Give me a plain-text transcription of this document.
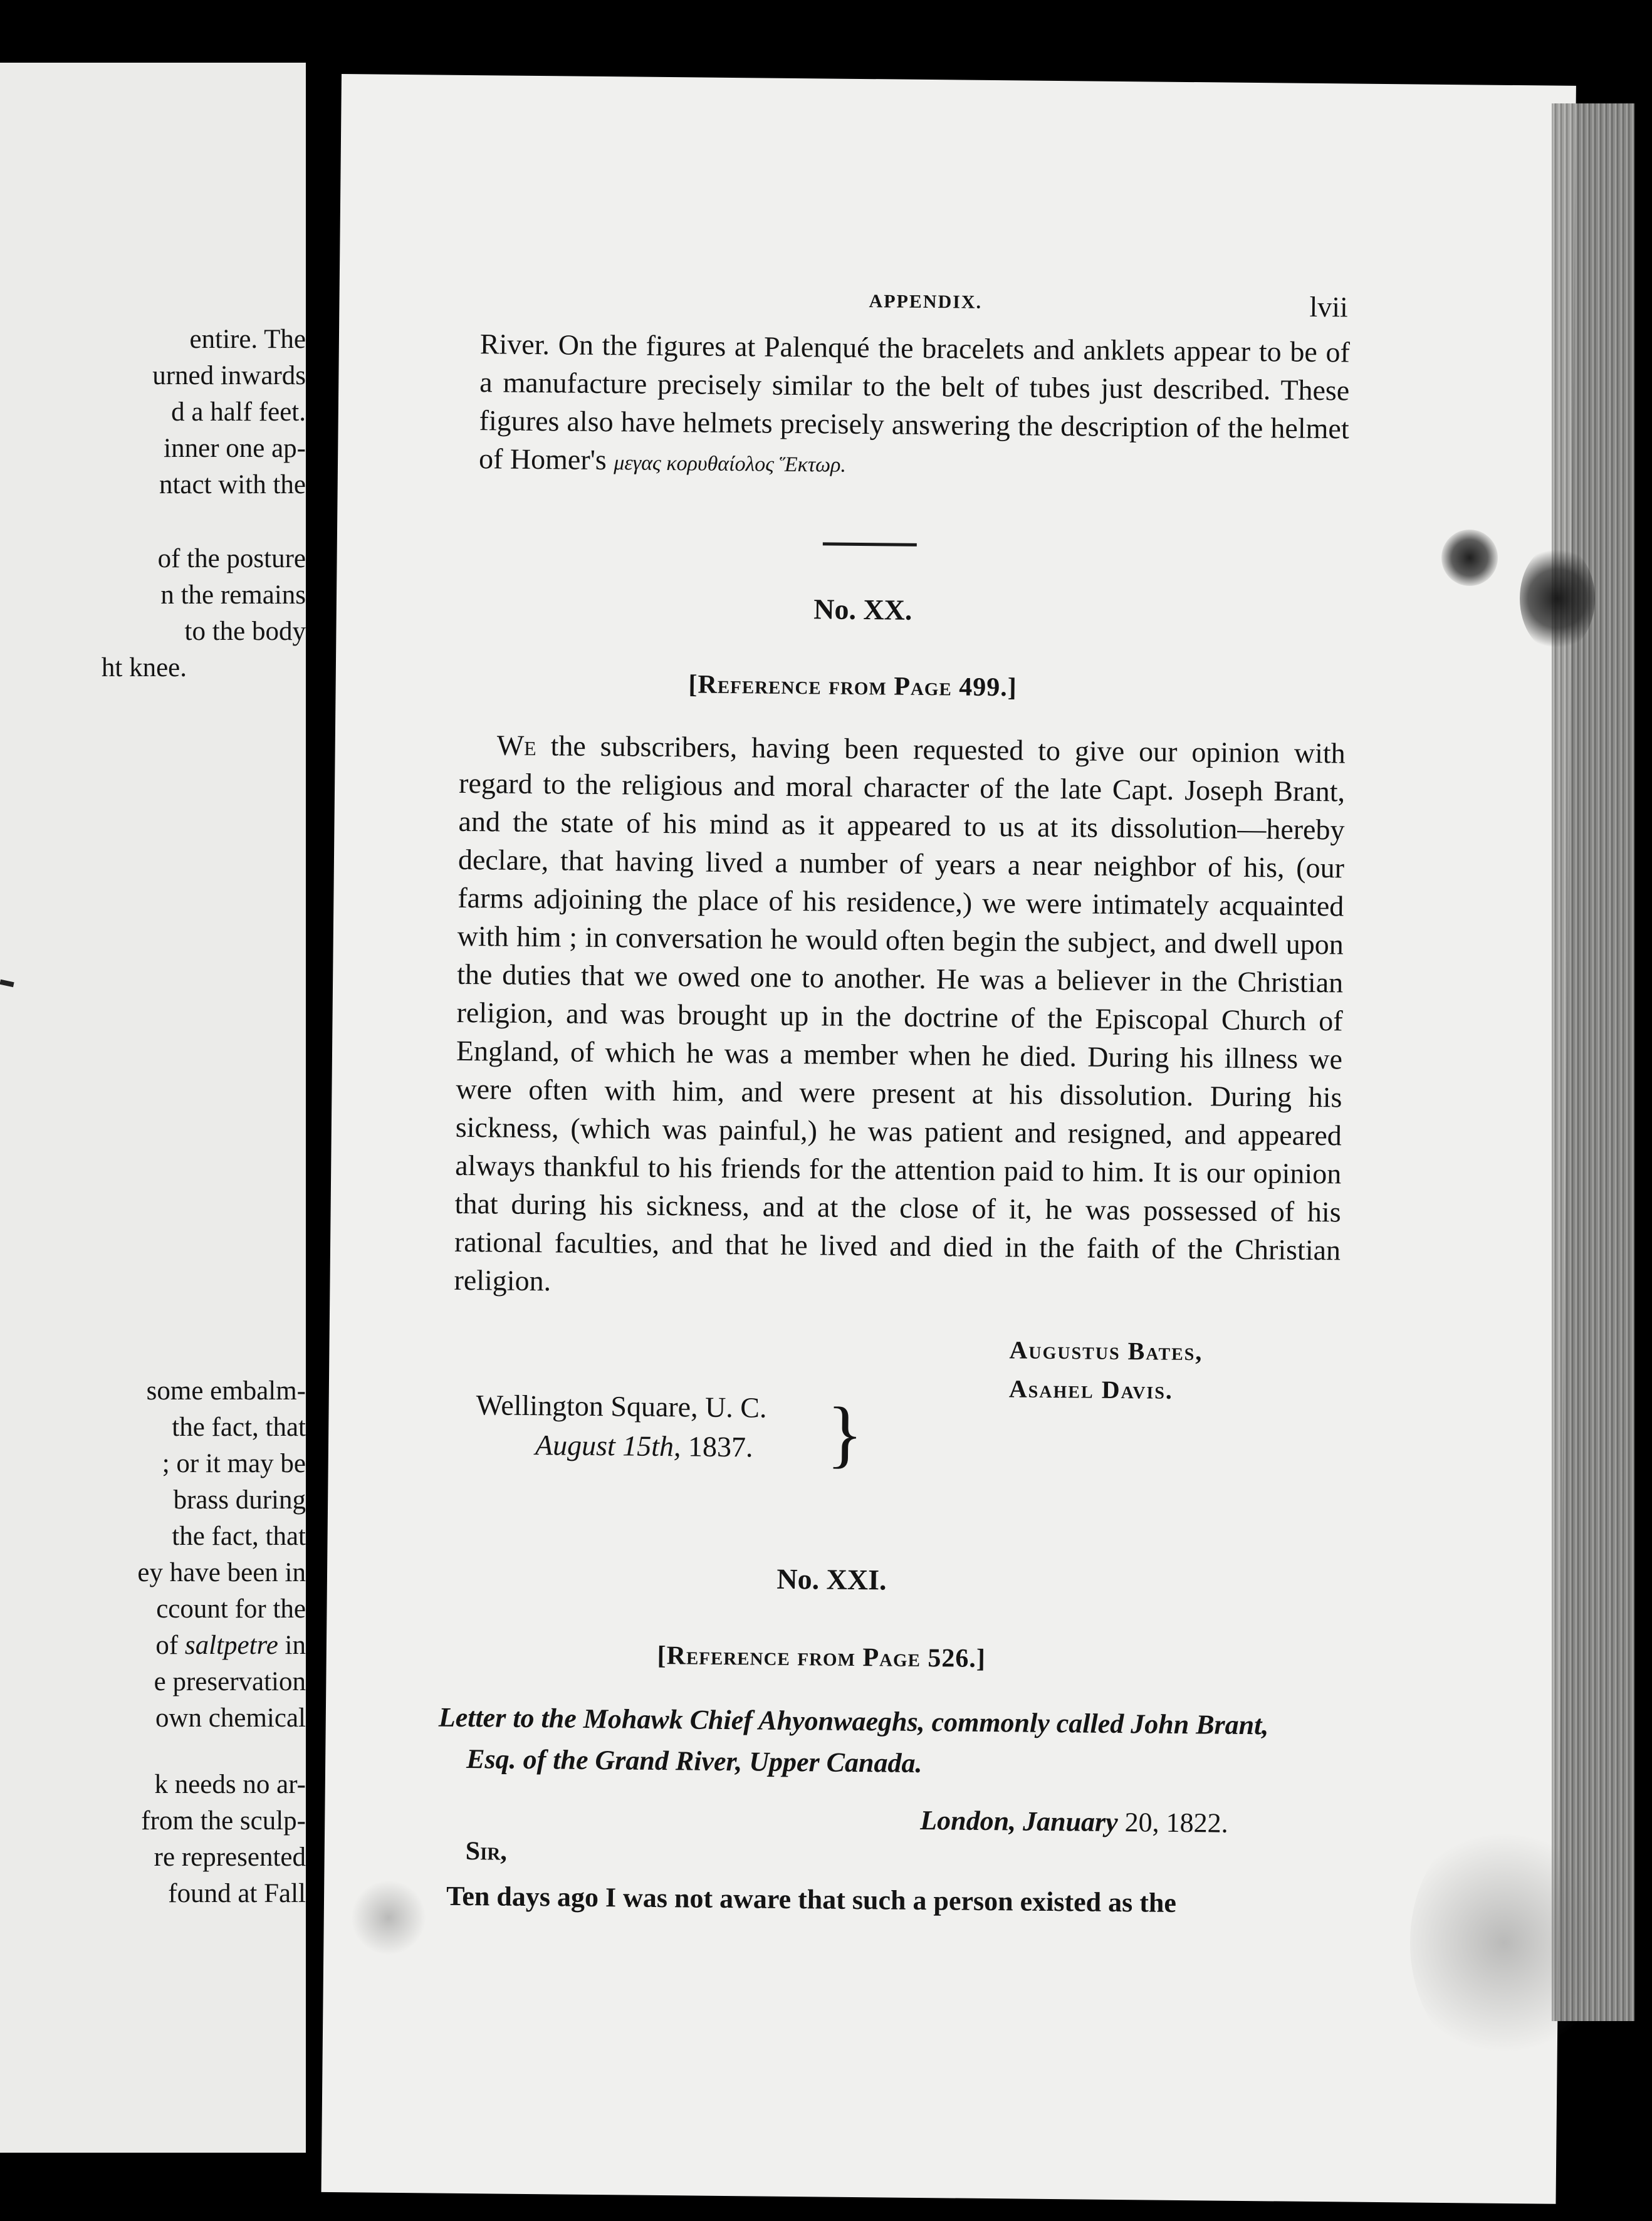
entire. The

urned inwards

d a half feet.

inner one ap-

ntact with the

of the posture

n the remains

to the body

ht knee.

some embalm-

the fact, that

; or it may be

brass during

the fact, that

ey have been in

ccount for the

of saltpetre in

e preservation

own chemical

k needs no ar-

from the sculp-

re represented

found at Fall

APPENDIX.	lvii

River. On the figures at Palenqué the bracelets and anklets appear to be of a manufacture precisely similar to the belt of tubes just described. These figures also have helmets precisely answering the description of the helmet of Homer's μεγας κορυθαίολος Ἕκτωρ.

No. XX.

[Reference from Page 499.]

We the subscribers, having been requested to give our opinion with regard to the religious and moral character of the late Capt. Joseph Brant, and the state of his mind as it appeared to us at its dissolution—hereby declare, that having lived a number of years a near neighbor of his, (our farms adjoining the place of his residence,) we were intimately acquainted with him ; in conversation he would often begin the subject, and dwell upon the duties that we owed one to another. He was a believer in the Christian religion, and was brought up in the doctrine of the Episcopal Church of England, of which he was a member when he died. During his illness we were often with him, and were present at his dissolution. During his sickness, (which was painful,) he was patient and resigned, and appeared always thankful to his friends for the attention paid to him. It is our opinion that during his sickness, and at the close of it, he was possessed of his rational faculties, and that he lived and died in the faith of the Christian religion.

Augustus Bates,

Asahel Davis.

Wellington Square, U. C.

August 15th, 1837. }

No. XXI.

[Reference from Page 526.]

Letter to the Mohawk Chief Ahyonwaeghs, commonly called John Brant,

Esq. of the Grand River, Upper Canada.

London, January 20, 1822.

Sir,

Ten days ago I was not aware that such a person existed as the
